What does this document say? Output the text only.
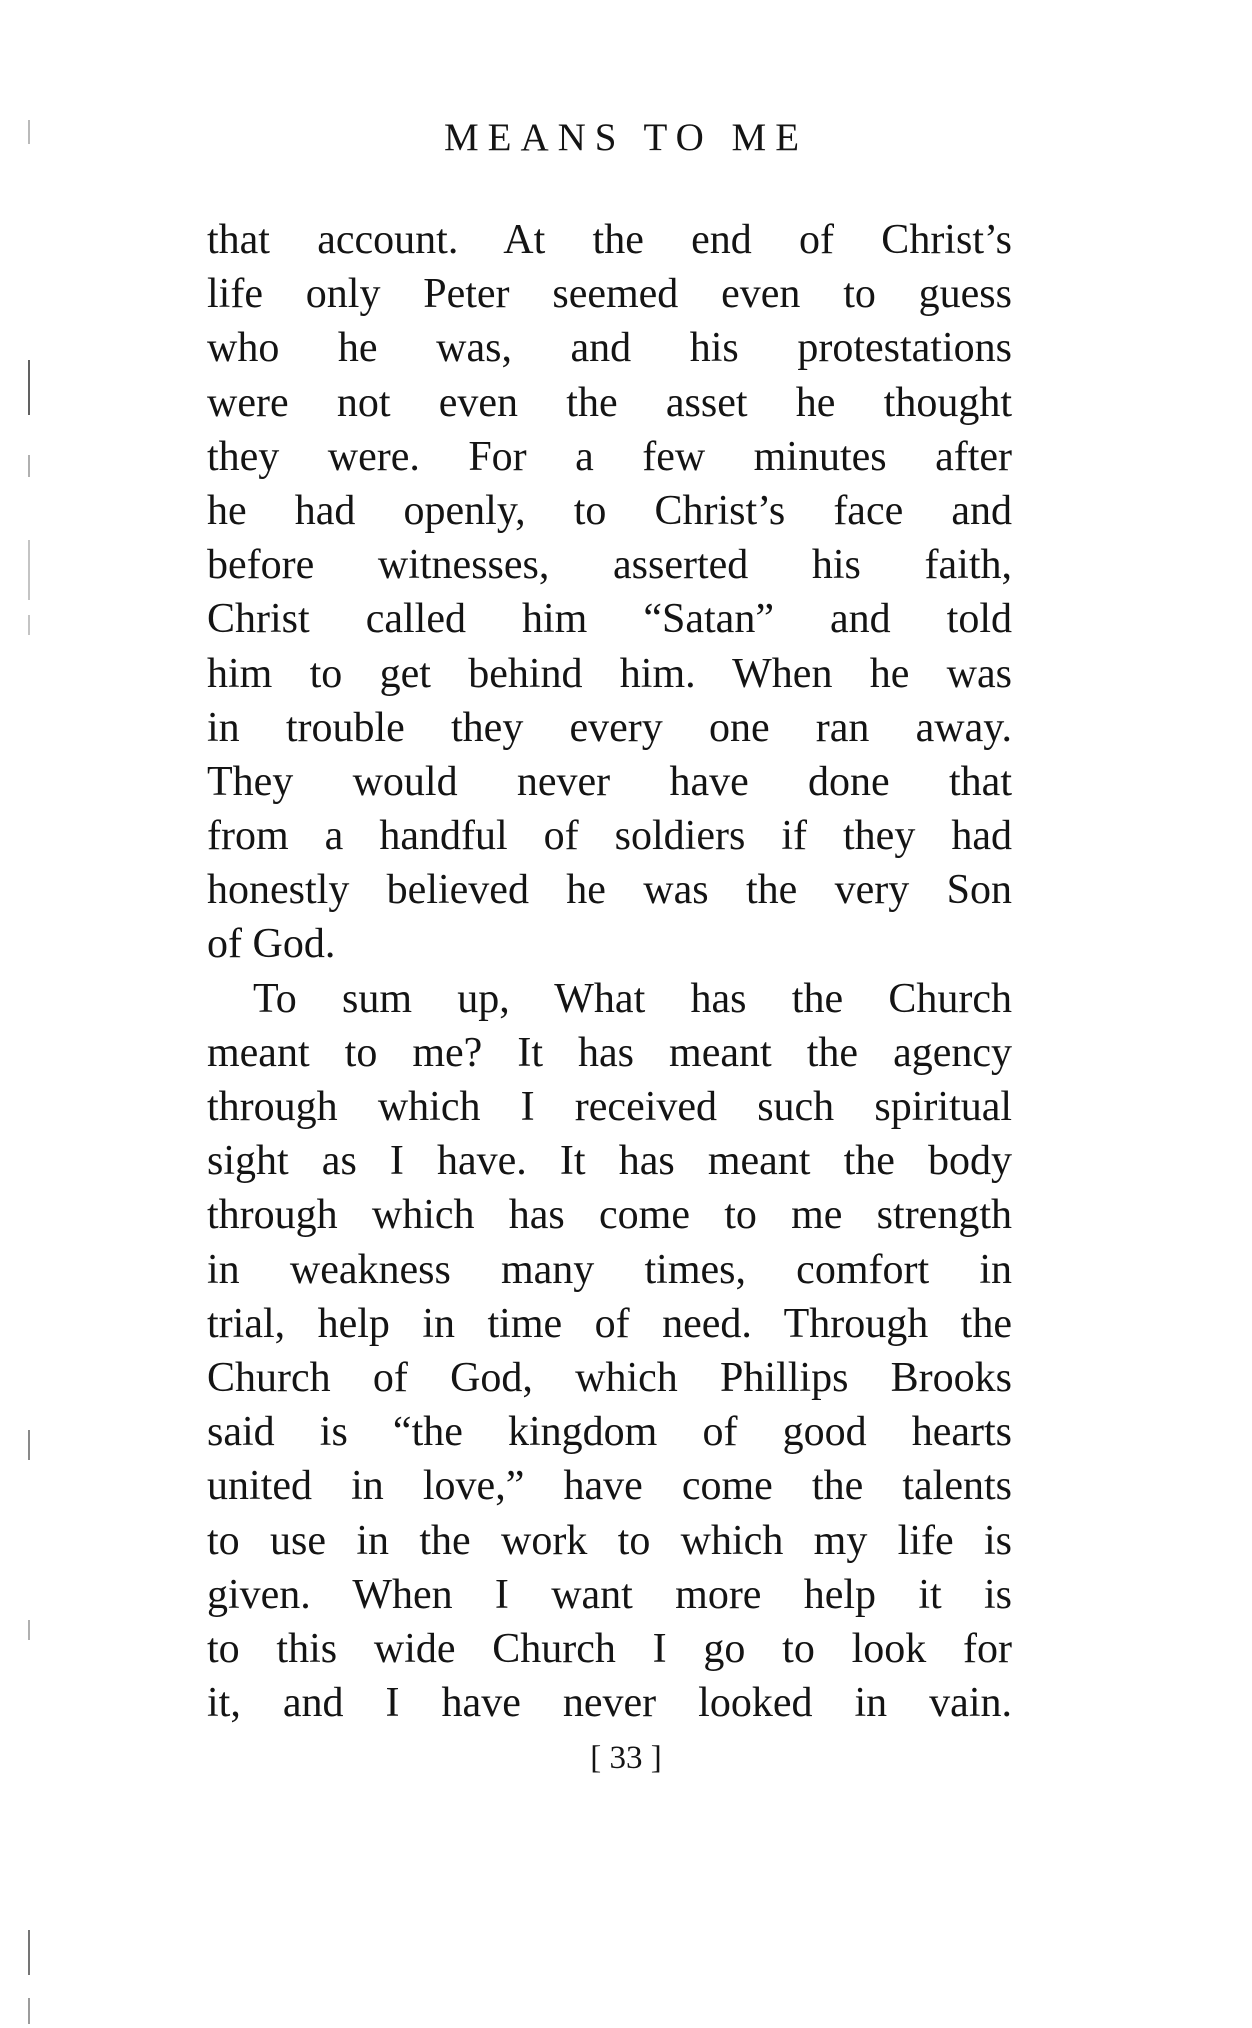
MEANS TO ME
that account. At the end of Christ’s
life only Peter seemed even to guess
who he was, and his protestations
were not even the asset he thought
they were. For a few minutes after
he had openly, to Christ’s face and
before witnesses, asserted his faith,
Christ called him “Satan” and told
him to get behind him. When he was
in trouble they every one ran away.
They would never have done that
from a handful of soldiers if they had
honestly believed he was the very Son
of God.
To sum up, What has the Church
meant to me? It has meant the agency
through which I received such spiritual
sight as I have. It has meant the body
through which has come to me strength
in weakness many times, comfort in
trial, help in time of need. Through the
Church of God, which Phillips Brooks
said is “the kingdom of good hearts
united in love,” have come the talents
to use in the work to which my life is
given. When I want more help it is
to this wide Church I go to look for
it, and I have never looked in vain.
[ 33 ]
